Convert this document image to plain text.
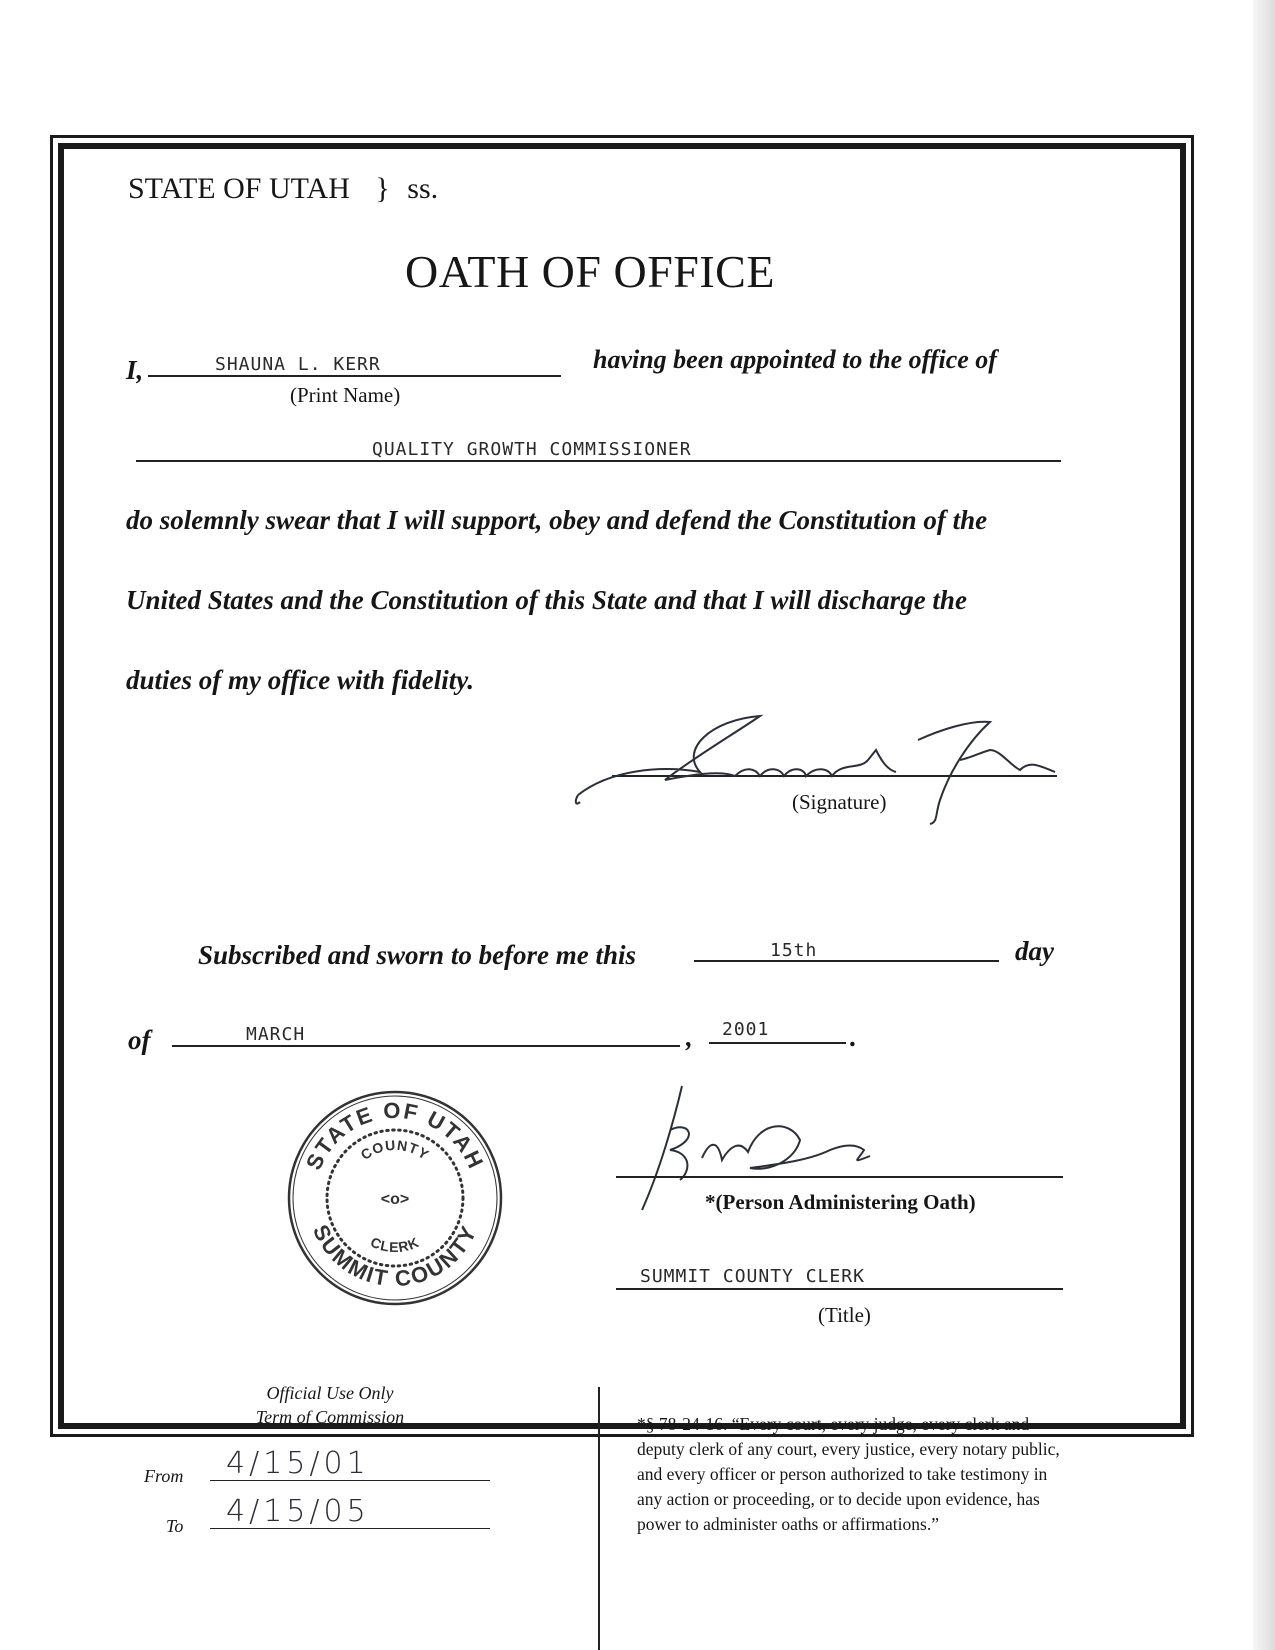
STATE OF UTAH } ss.
OATH OF OFFICE
I,	SHAUNA L. KERR
(Print Name)
having been appointed to the office of
QUALITY GROWTH COMMISSIONER
do solemnly swear that I will support, obey and defend the Constitution of the
United States and the Constitution of this State and that I will discharge the
duties of my office with fidelity.
(Signature)
Subscribed and sworn to before me this	15th	day
of	MARCH	, 2001	.
STATE OF UTAH
SUMMIT COUNTY
COUNTY
CLERK
<o>	*(Person Administering Oath)
SUMMIT COUNTY CLERK
(Title)
Official Use Only
Term of Commission
From 4/15/01
To 4/15/05
*§ 78-24-16. “Every court, every judge, every clerk and
deputy clerk of any court, every justice, every notary public,
and every officer or person authorized to take testimony in
any action or proceeding, or to decide upon evidence, has
power to administer oaths or affirmations.”
